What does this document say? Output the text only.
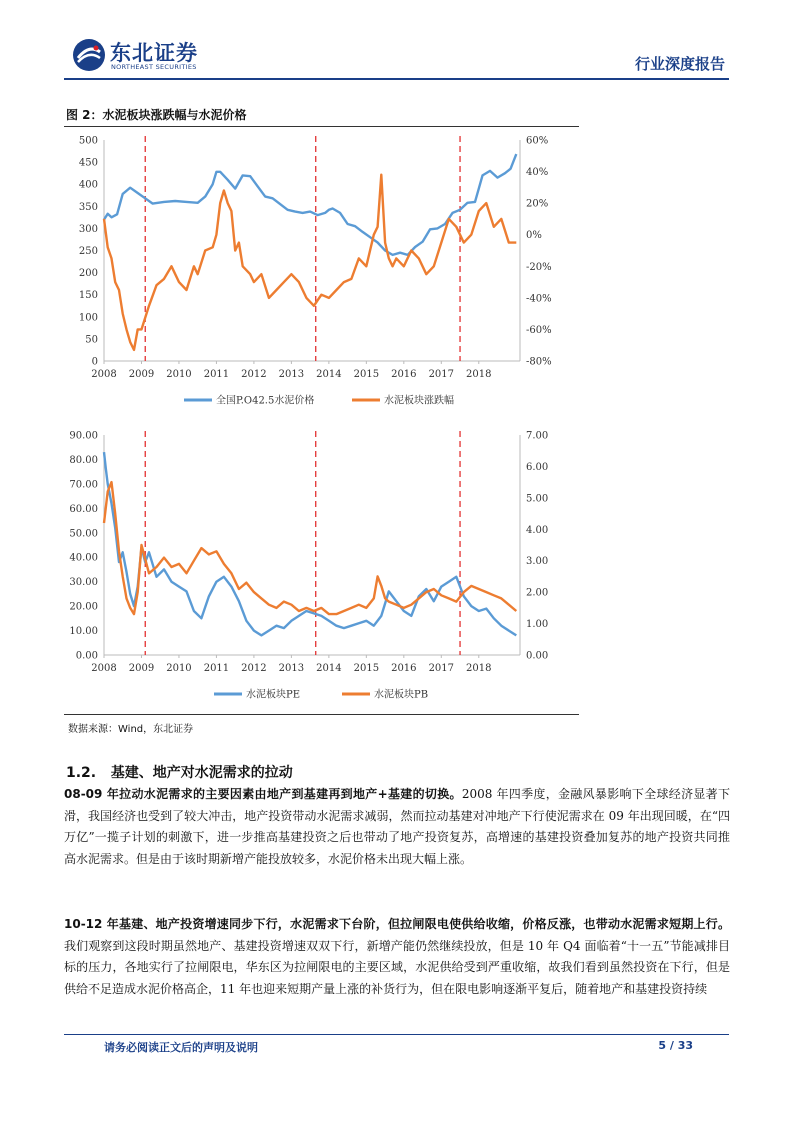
东北证券
NORTHEAST SECURITIES	行业深度报告
图 2：水泥板块涨跌幅与水泥价格
500
450
400
350
300
250
200
150
100
50
0
60%
40%
20%
0%
-20%
-40%
-60%
-80%
2008 2009 2010 2011 2012 2013 2014 2015 2016 2017 2018
全国P.O42.5水泥价格	水泥板块涨跌幅
90.00
80.00
70.00
60.00
50.00
40.00
30.00
20.00
10.00
0.00
7.00
6.00
5.00
4.00
3.00
2.00
1.00
0.00
2008 2009 2010 2011 2012 2013 2014 2015 2016 2017 2018
水泥板块PE	水泥板块PB
数据来源：Wind，东北证券
1.2. 基建、地产对水泥需求的拉动
08-09 年拉动水泥需求的主要因素由地产到基建再到地产+基建的切换。2008 年四季度，金融风暴影响下全球经济显著下滑，我国经济也受到了较大冲击，地产投资带动水泥需求减弱，然而拉动基建对冲地产下行使泥需求在 09 年出现回暖，在“四万亿”一揽子计划的刺激下，进一步推高基建投资之后也带动了地产投资复苏，高增速的基建投资叠加复苏的地产投资共同推高水泥需求。但是由于该时期新增产能投放较多，水泥价格未出现大幅上涨。
10-12 年基建、地产投资增速同步下行，水泥需求下台阶，但拉闸限电使供给收缩，价格反涨，也带动水泥需求短期上行。我们观察到这段时期虽然地产、基建投资增速双双下行，新增产能仍然继续投放，但是 10 年 Q4 面临着“十一五”节能减排目标的压力，各地实行了拉闸限电，华东区为拉闸限电的主要区域，水泥供给受到严重收缩，故我们看到虽然投资在下行，但是供给不足造成水泥价格高企，11 年也迎来短期产量上涨的补货行为，但在限电影响逐渐平复后，随着地产和基建投资持续
请务必阅读正文后的声明及说明	5 / 33
